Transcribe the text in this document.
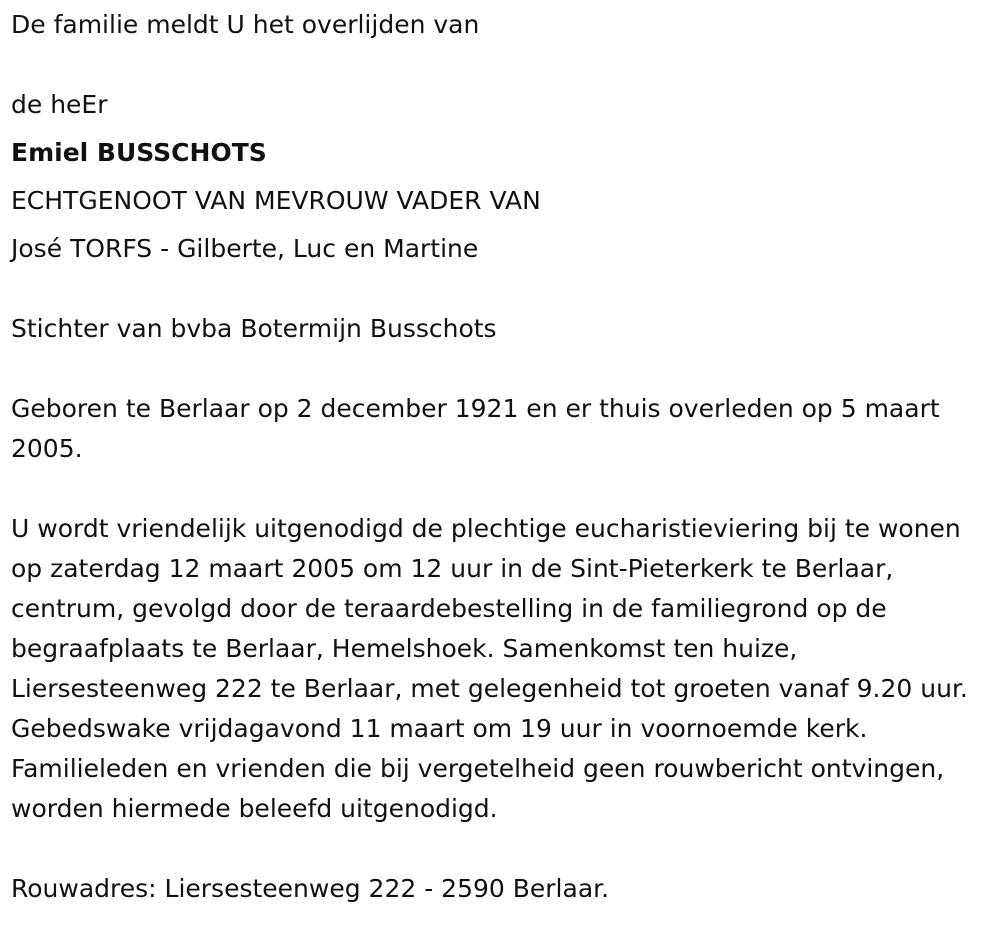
De familie meldt U het overlijden van

de heEr

Emiel BUSSCHOTS

ECHTGENOOT VAN MEVROUW VADER VAN

José TORFS - Gilberte, Luc en Martine

Stichter van bvba Botermijn Busschots

Geboren te Berlaar op 2 december 1921 en er thuis overleden op 5 maart 2005.

U wordt vriendelijk uitgenodigd de plechtige eucharistieviering bij te wonen op zaterdag 12 maart 2005 om 12 uur in de Sint-Pieterkerk te Berlaar, centrum, gevolgd door de teraardebestelling in de familiegrond op de begraafplaats te Berlaar, Hemelshoek. Samenkomst ten huize, Liersesteenweg 222 te Berlaar, met gelegenheid tot groeten vanaf 9.20 uur. Gebedswake vrijdagavond 11 maart om 19 uur in voornoemde kerk. Familieleden en vrienden die bij vergetelheid geen rouwbericht ontvingen, worden hiermede beleefd uitgenodigd.

Rouwadres: Liersesteenweg 222 - 2590 Berlaar.
